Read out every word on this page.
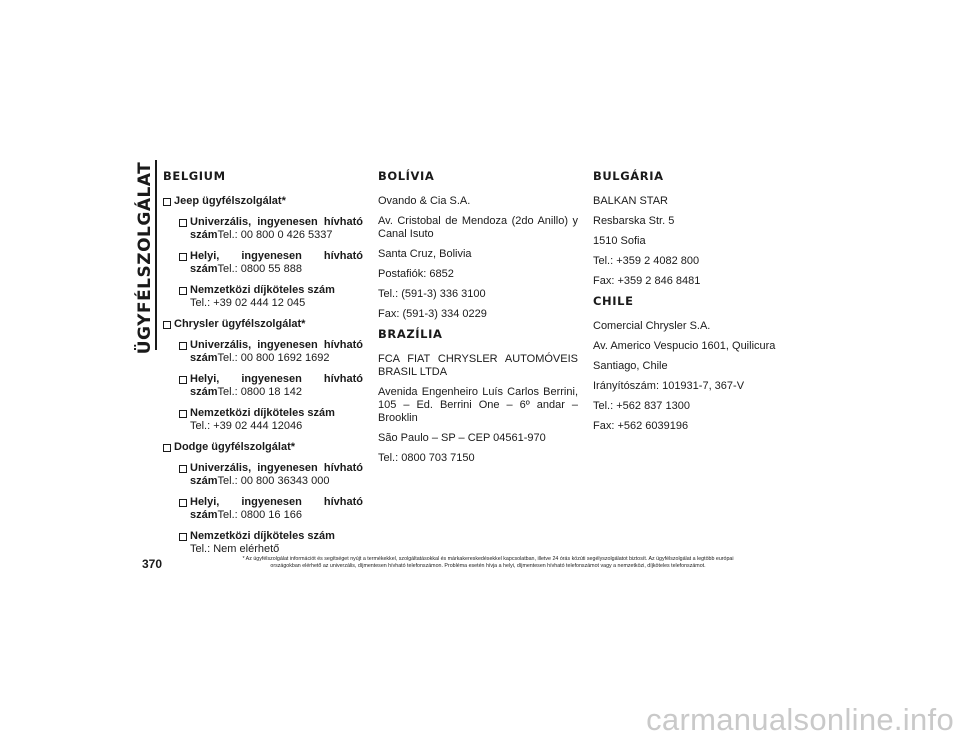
ÜGYFÉLSZOLGÁLAT BELGIUM
Jeep ügyfélszolgálat*
Univerzális, ingyenesen hívható
számTel.: 00 800 0 426 5337
Helyi, ingyenesen hívható
számTel.: 0800 55 888
Nemzetközi díjköteles szám
Tel.: +39 02 444 12 045
Chrysler ügyfélszolgálat*
Univerzális, ingyenesen hívható
számTel.: 00 800 1692 1692
Helyi, ingyenesen hívható
számTel.: 0800 18 142
Nemzetközi díjköteles szám
Tel.: +39 02 444 12046
Dodge ügyfélszolgálat*
Univerzális, ingyenesen hívható
számTel.: 00 800 36343 000
Helyi, ingyenesen hívható
számTel.: 0800 16 166
Nemzetközi díjköteles szám
Tel.: Nem elérhető
BOLÍVIA

Ovando & Cia S.A.

Av. Cristobal de Mendoza (2do Anillo) y Canal Isuto

Santa Cruz, Bolivia

Postafiók: 6852

Tel.: (591-3) 336 3100

Fax: (591-3) 334 0229

BRAZÍLIA

FCA FIAT CHRYSLER AUTOMÓVEIS BRASIL LTDA

Avenida Engenheiro Luís Carlos Berrini, 105 – Ed. Berrini One – 6º andar – Brooklin

São Paulo – SP – CEP 04561-970

Tel.: 0800 703 7150

BULGÁRIA

BALKAN STAR

Resbarska Str. 5

1510 Sofia

Tel.: +359 2 4082 800

Fax: +359 2 846 8481

CHILE

Comercial Chrysler S.A.

Av. Americo Vespucio 1601, Quilicura

Santiago, Chile

Irányítószám: 101931-7, 367-V

Tel.: +562 837 1300

Fax: +562 6039196

370	* Az ügyfélszolgálat információt és segítséget nyújt a termékekkel, szolgáltatásokkal és márkakereskedésekkel kapcsolatban, illetve 24 órás közúti segélyszolgálatot biztosít. Az ügyfélszolgálat a legtöbb európai
országokban elérhető az univerzális, díjmentesen hívható telefonszámon. Probléma esetén hívja a helyi, díjmentesen hívható telefonszámot vagy a nemzetközi, díjköteles telefonszámot.
carmanualsonline.info
